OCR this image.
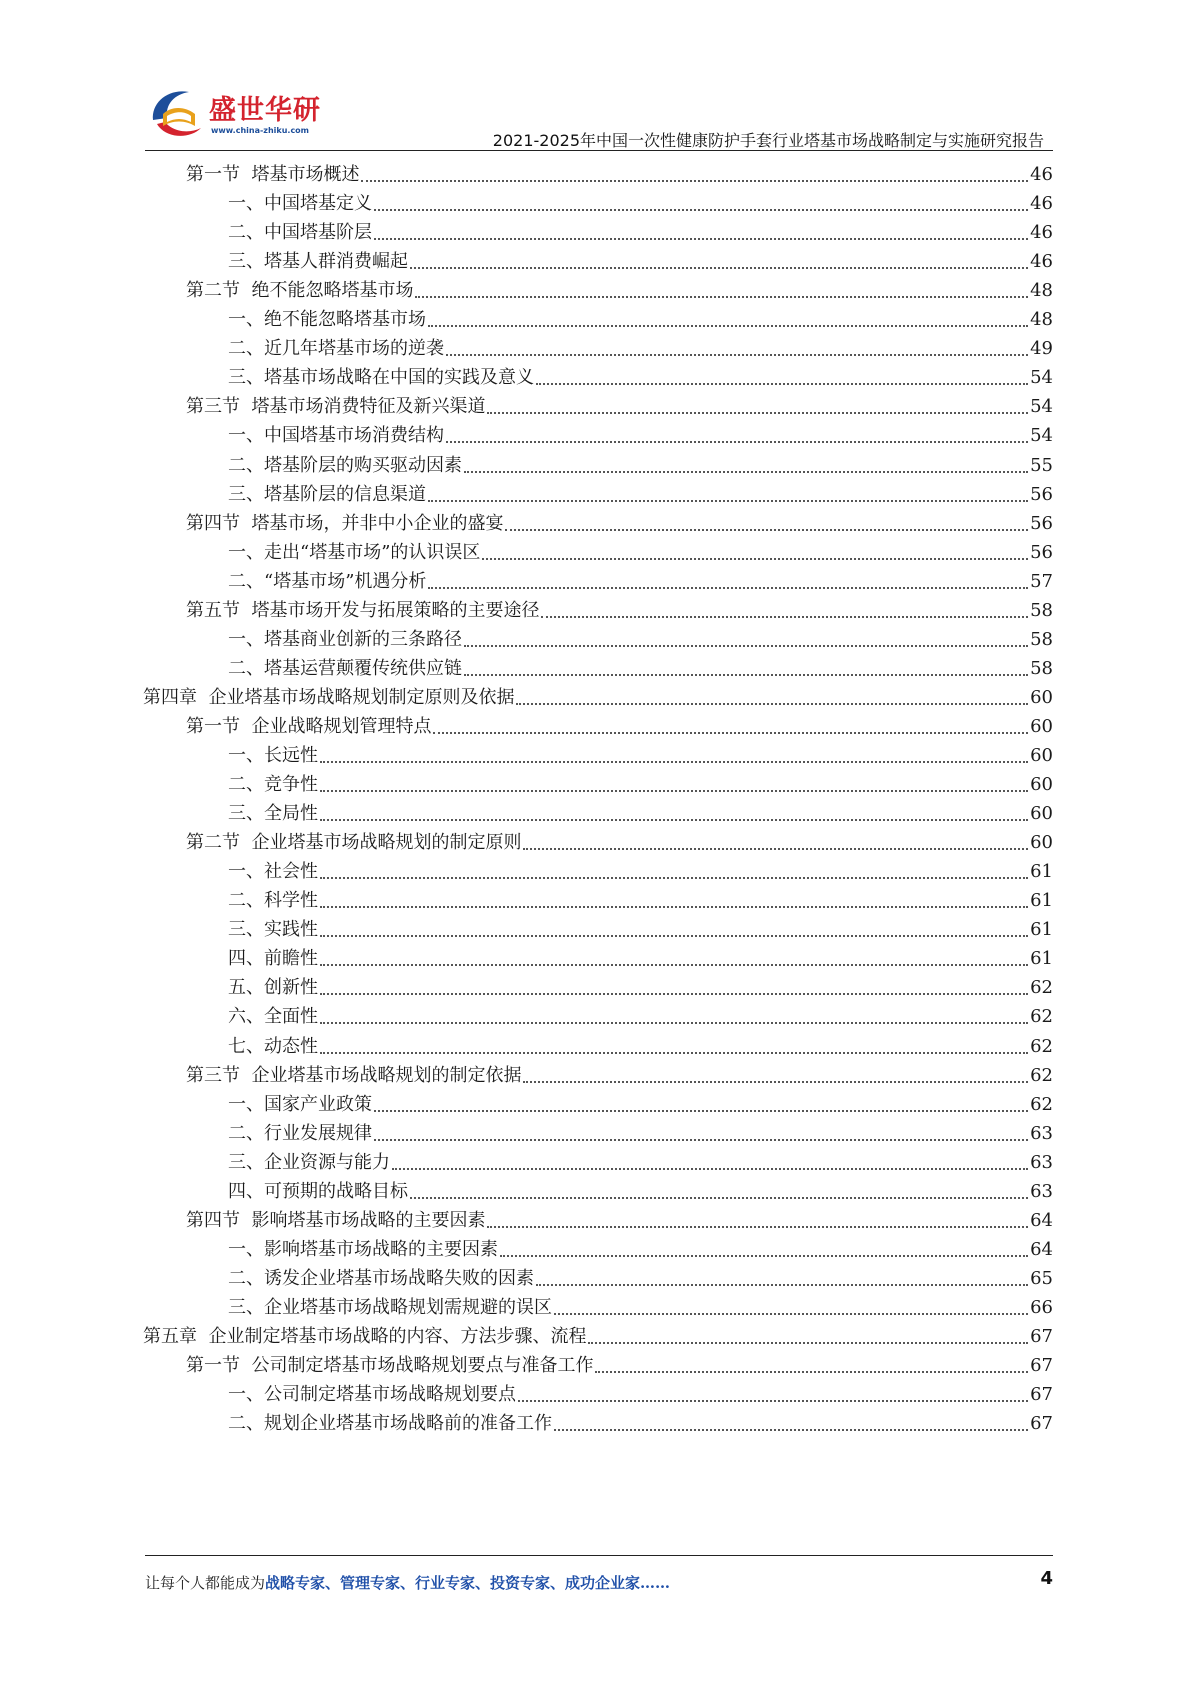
盛世华研
www.china-zhiku.com
2021-2025年中国一次性健康防护手套行业塔基市场战略制定与实施研究报告
第一节  塔基市场概述	46
一、中国塔基定义	46
二、中国塔基阶层	46
三、塔基人群消费崛起	46
第二节  绝不能忽略塔基市场	48
一、绝不能忽略塔基市场	48
二、近几年塔基市场的逆袭	49
三、塔基市场战略在中国的实践及意义	54
第三节  塔基市场消费特征及新兴渠道	54
一、中国塔基市场消费结构	54
二、塔基阶层的购买驱动因素	55
三、塔基阶层的信息渠道	56
第四节  塔基市场，并非中小企业的盛宴	56
一、走出“塔基市场”的认识误区	56
二、“塔基市场”机遇分析	57
第五节  塔基市场开发与拓展策略的主要途径	58
一、塔基商业创新的三条路径	58
二、塔基运营颠覆传统供应链	58
第四章  企业塔基市场战略规划制定原则及依据	60
第一节  企业战略规划管理特点	60
一、长远性	60
二、竞争性	60
三、全局性	60
第二节  企业塔基市场战略规划的制定原则	60
一、社会性	61
二、科学性	61
三、实践性	61
四、前瞻性	61
五、创新性	62
六、全面性	62
七、动态性	62
第三节  企业塔基市场战略规划的制定依据	62
一、国家产业政策	62
二、行业发展规律	63
三、企业资源与能力	63
四、可预期的战略目标	63
第四节  影响塔基市场战略的主要因素	64
一、影响塔基市场战略的主要因素	64
二、诱发企业塔基市场战略失败的因素	65
三、企业塔基市场战略规划需规避的误区	66
第五章  企业制定塔基市场战略的内容、方法步骤、流程	67
第一节  公司制定塔基市场战略规划要点与准备工作	67
一、公司制定塔基市场战略规划要点	67
二、规划企业塔基市场战略前的准备工作	67
让每个人都能成为战略专家、管理专家、行业专家、投资专家、成功企业家……	4
